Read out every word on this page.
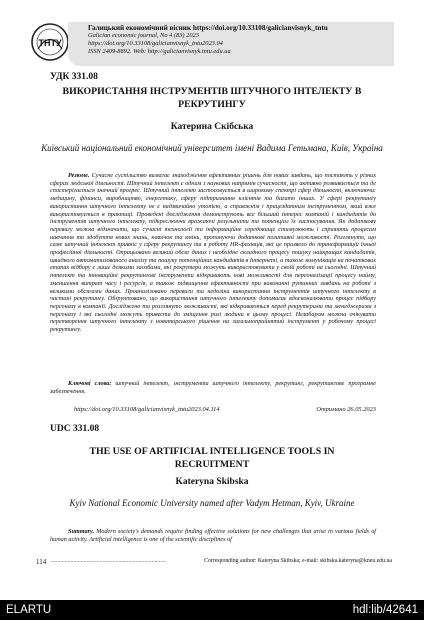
ТНТУ
Галицький економічний вісник https://doi.org/10.33108/galicianvisnyk_tntu
Galician economic journal, No 4 (83) 2023
https://doi.org/10.33108/galicianvisnyk_tntu2023.04
ISSN 2409-8892. Web: http://galicianvisnyk.tntu.edu.ua
УДК 331.08
ВИКОРИСТАННЯ ІНСТРУМЕНТІВ ШТУЧНОГО ІНТЕЛЕКТУ В РЕКРУТИНГУ
Катерина Скібська
Київський національний економічний університет імені Вадима Гетьмана, Київ, Україна
Резюме. Сучасне суспільство вимагає знаходження ефективних рішень для нових завдань, що постають у різних сферах людської діяльності. Штучний інтелект є одним з наукових напрямів сучасності, що активно розвивається та де спостерігається значний прогрес. Штучний інтелект застосовується в широкому спектрі сфер діяльності, включаючи: медицину, фінанси, виробництво, енергетику, сферу підтримання клієнтів та багато інших. У сфері рекрутингу використання штучного інтелекту не є надзвичайно утопією, а справжнім і працездатним інструментом, який вже використовується в практиці. Проведені дослідження демонструють все більший інтерес компаній і кандидатів до інструментів штучного інтелекту, підкреслюючи вражаючі результати та потенціал їх застосування. Як додаткову перевагу можна відзначити, що сучасні технології та інформаційне середовище стимулюють і сприяють процесам навчання та здобуття нових знань, навичок та вмінь, пропонуючи додаткові позитивні можливості. Розглянуто, що саме штучний інтелект привніс у сферу рекрутингу та в роботу HR-фахівців, які це призвело до трансформацій їхньої професійної діяльності. Опрацьовано великий обсяг даних і необхідне складного процесу пошуку найкращих кандидатів, швидкого автоматизованого аналізу та пошуку потенційних кандидатів в Інтернеті, а також комунікація на початкових етапах відбору є лише деякими засобами, які рекрутери можуть використовувати у своїй роботі на сьогодні. Штучний інтелект та інноваційні рекрутингові інструменти відкривають нові можливості для персоналізації процесу найму, зменшення витрат часу і ресурсів, а також підвищення ефективності при виконанні рутинних завдань на роботі з великими обсягами даних. Проаналізовано переваги та недоліки використання інструментів штучного інтелекту в частині рекрутингу. Обґрунтовано, що використання штучного інтелекту допомагає вдосконалювати процес підбору персоналу в компанії. Досліджено та розглянуто можливості, які відкриваються перед рекрутерами та менеджерами з персоналу і які сьогодні можуть привести до зміщення ролі людини в цьому процесі. Незабаром можна очікувати перетворення штучного інтелекту з новаторського рішення на загальноприйнятий інструмент у робочому процесі рекрутингу.
Ключові слова: штучний інтелект, інструменти штучного інтелекту, рекрутинг, рекрутингове програмне забезпечення.
https://doi.org/10.33108/galicianvisnyk_tntu2023.04.114	Отримано 26.05.2023
UDC 331.08
THE USE OF ARTIFICIAL INTELLIGENCE TOOLS IN RECRUITMENT
Kateryna Skibska
Kyiv National Economic University named after Vadym Hetman, Kyiv, Ukraine
Summary. Modern society's demands require finding effective solutions for new challenges that arise in various fields of human activity. Artificial intelligence is one of the scientific disciplines of
114 ................................................................................	Corresponding author: Kateryna Skibska; e-mail: skibska.kateryna@kneu.edu.ua
ELARTU	hdl:lib/42641
